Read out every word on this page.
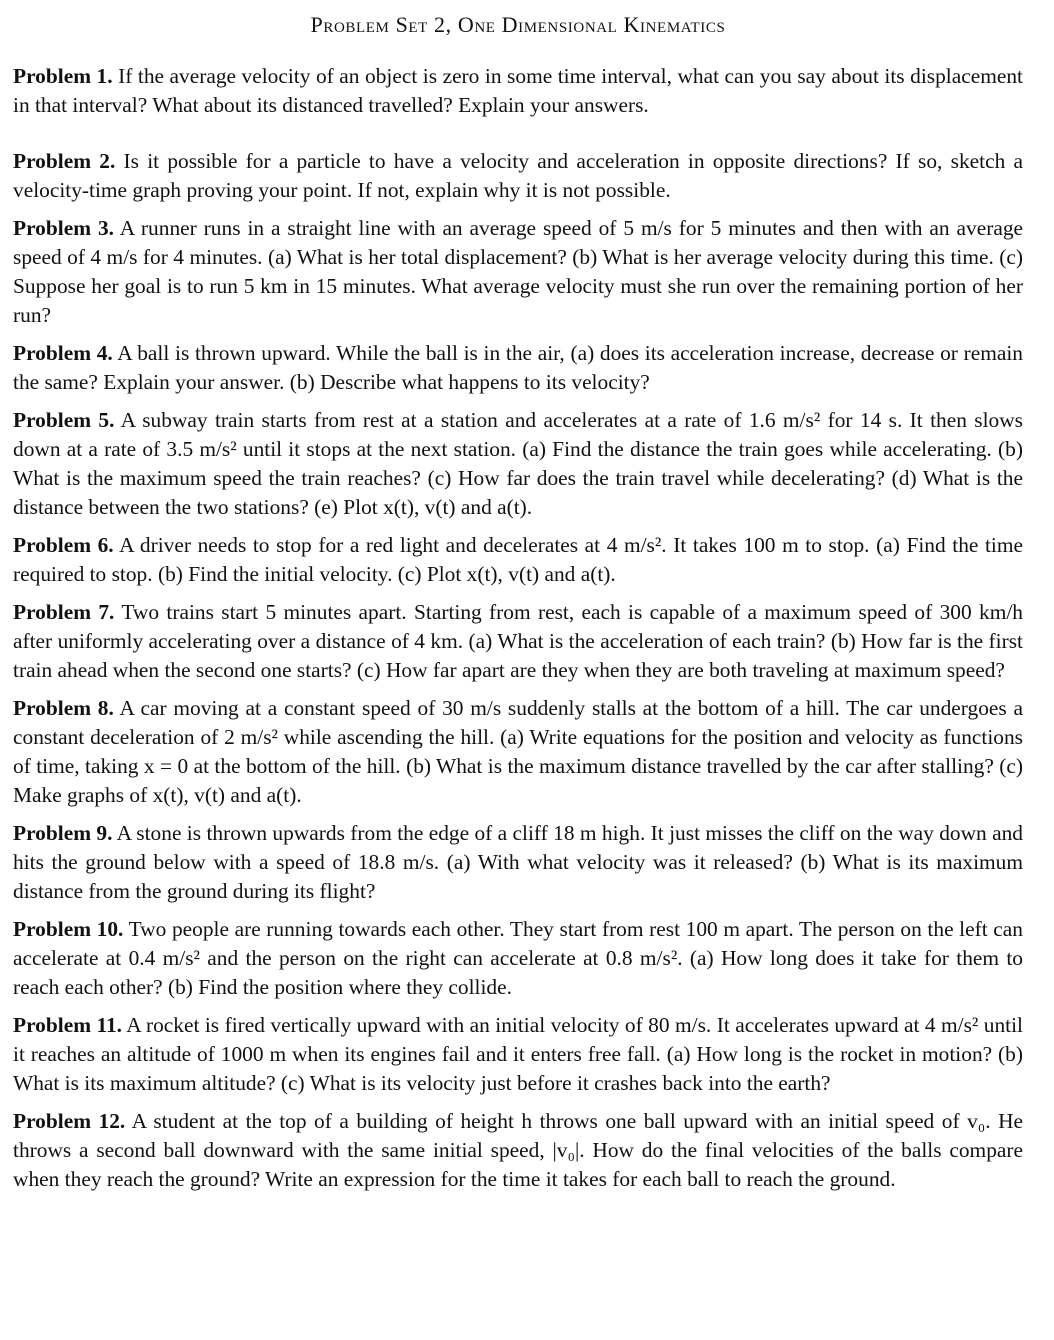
Problem Set 2, One Dimensional Kinematics

Problem 1. If the average velocity of an object is zero in some time interval, what can you say about its displacement in that interval? What about its distanced travelled? Explain your answers.

Problem 2. Is it possible for a particle to have a velocity and acceleration in opposite directions? If so, sketch a velocity-time graph proving your point. If not, explain why it is not possible.

Problem 3. A runner runs in a straight line with an average speed of 5 m/s for 5 minutes and then with an average speed of 4 m/s for 4 minutes. (a) What is her total displacement? (b) What is her average velocity during this time. (c) Suppose her goal is to run 5 km in 15 minutes. What average velocity must she run over the remaining portion of her run?

Problem 4. A ball is thrown upward. While the ball is in the air, (a) does its acceleration increase, decrease or remain the same? Explain your answer. (b) Describe what happens to its velocity?

Problem 5. A subway train starts from rest at a station and accelerates at a rate of 1.6 m/s² for 14 s. It then slows down at a rate of 3.5 m/s² until it stops at the next station. (a) Find the distance the train goes while accelerating. (b) What is the maximum speed the train reaches? (c) How far does the train travel while decelerating? (d) What is the distance between the two stations? (e) Plot x(t), v(t) and a(t).

Problem 6. A driver needs to stop for a red light and decelerates at 4 m/s². It takes 100 m to stop. (a) Find the time required to stop. (b) Find the initial velocity. (c) Plot x(t), v(t) and a(t).

Problem 7. Two trains start 5 minutes apart. Starting from rest, each is capable of a maximum speed of 300 km/h after uniformly accelerating over a distance of 4 km. (a) What is the acceleration of each train? (b) How far is the first train ahead when the second one starts? (c) How far apart are they when they are both traveling at maximum speed?

Problem 8. A car moving at a constant speed of 30 m/s suddenly stalls at the bottom of a hill. The car undergoes a constant deceleration of 2 m/s² while ascending the hill. (a) Write equations for the position and velocity as functions of time, taking x = 0 at the bottom of the hill. (b) What is the maximum distance travelled by the car after stalling? (c) Make graphs of x(t), v(t) and a(t).

Problem 9. A stone is thrown upwards from the edge of a cliff 18 m high. It just misses the cliff on the way down and hits the ground below with a speed of 18.8 m/s. (a) With what velocity was it released? (b) What is its maximum distance from the ground during its flight?

Problem 10. Two people are running towards each other. They start from rest 100 m apart. The person on the left can accelerate at 0.4 m/s² and the person on the right can accelerate at 0.8 m/s². (a) How long does it take for them to reach each other? (b) Find the position where they collide.

Problem 11. A rocket is fired vertically upward with an initial velocity of 80 m/s. It accelerates upward at 4 m/s² until it reaches an altitude of 1000 m when its engines fail and it enters free fall. (a) How long is the rocket in motion? (b) What is its maximum altitude? (c) What is its velocity just before it crashes back into the earth?

Problem 12. A student at the top of a building of height h throws one ball upward with an initial speed of v₀. He throws a second ball downward with the same initial speed, |v₀|. How do the final velocities of the balls compare when they reach the ground? Write an expression for the time it takes for each ball to reach the ground.
